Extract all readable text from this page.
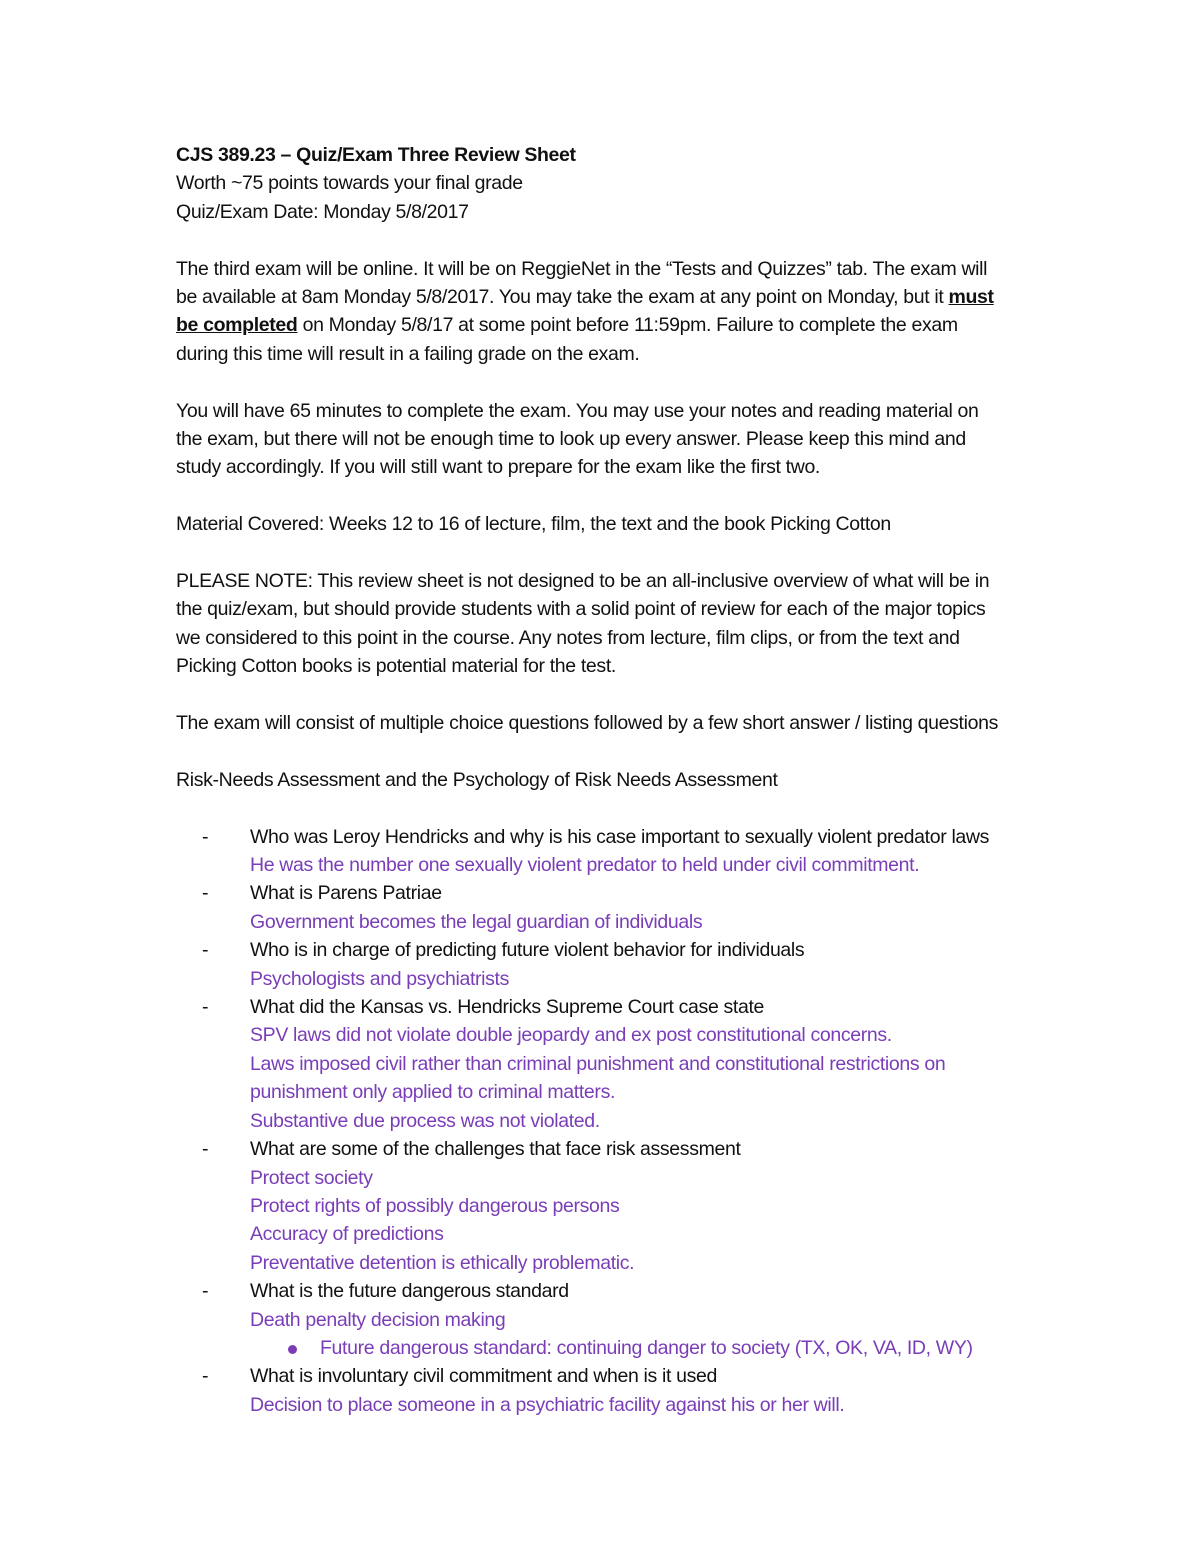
CJS 389.23 – Quiz/Exam Three Review Sheet
Worth ~75 points towards your final grade
Quiz/Exam Date: Monday 5/8/2017
The third exam will be online. It will be on ReggieNet in the “Tests and Quizzes” tab. The exam will
be available at 8am Monday 5/8/2017. You may take the exam at any point on Monday, but it must
be completed on Monday 5/8/17 at some point before 11:59pm. Failure to complete the exam
during this time will result in a failing grade on the exam.
You will have 65 minutes to complete the exam. You may use your notes and reading material on
the exam, but there will not be enough time to look up every answer. Please keep this mind and
study accordingly. If you will still want to prepare for the exam like the first two.
Material Covered: Weeks 12 to 16 of lecture, film, the text and the book Picking Cotton
PLEASE NOTE: This review sheet is not designed to be an all-inclusive overview of what will be in
the quiz/exam, but should provide students with a solid point of review for each of the major topics
we considered to this point in the course. Any notes from lecture, film clips, or from the text and
Picking Cotton books is potential material for the test.
The exam will consist of multiple choice questions followed by a few short answer / listing questions
Risk-Needs Assessment and the Psychology of Risk Needs Assessment
- Who was Leroy Hendricks and why is his case important to sexually violent predator laws
He was the number one sexually violent predator to held under civil commitment.
- What is Parens Patriae
Government becomes the legal guardian of individuals
- Who is in charge of predicting future violent behavior for individuals
Psychologists and psychiatrists
- What did the Kansas vs. Hendricks Supreme Court case state
SPV laws did not violate double jeopardy and ex post constitutional concerns.
Laws imposed civil rather than criminal punishment and constitutional restrictions on
punishment only applied to criminal matters.
Substantive due process was not violated.
- What are some of the challenges that face risk assessment
Protect society
Protect rights of possibly dangerous persons
Accuracy of predictions
Preventative detention is ethically problematic.
- What is the future dangerous standard
Death penalty decision making
Future dangerous standard: continuing danger to society (TX, OK, VA, ID, WY)
- What is involuntary civil commitment and when is it used
Decision to place someone in a psychiatric facility against his or her will.
